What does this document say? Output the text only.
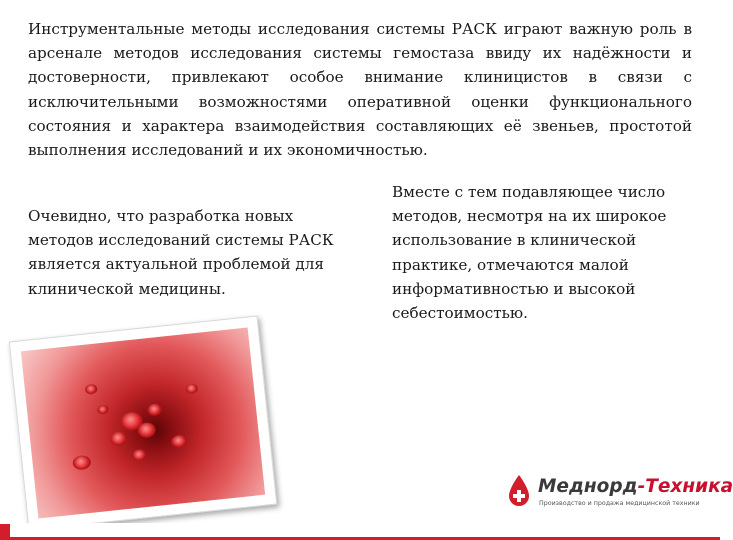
Инструментальные методы исследования системы РАСК играют важную роль в арсенале методов исследования системы гемостаза ввиду их надёжности и достоверности, привлекают особое внимание клиницистов в связи с исключительными возможностями оперативной оценки функционального состояния и характера взаимодействия составляющих её звеньев, простотой выполнения исследований и их экономичностью.

Очевидно, что разработка новых методов исследований системы РАСК является актуальной проблемой для клинической медицины.

Вместе с тем подавляющее число методов, несмотря на их широкое использование в клинической практике, отмечаются малой информативностью и высокой себестоимостью.

Меднорд-Техника
Производство и продажа медицинской техники
